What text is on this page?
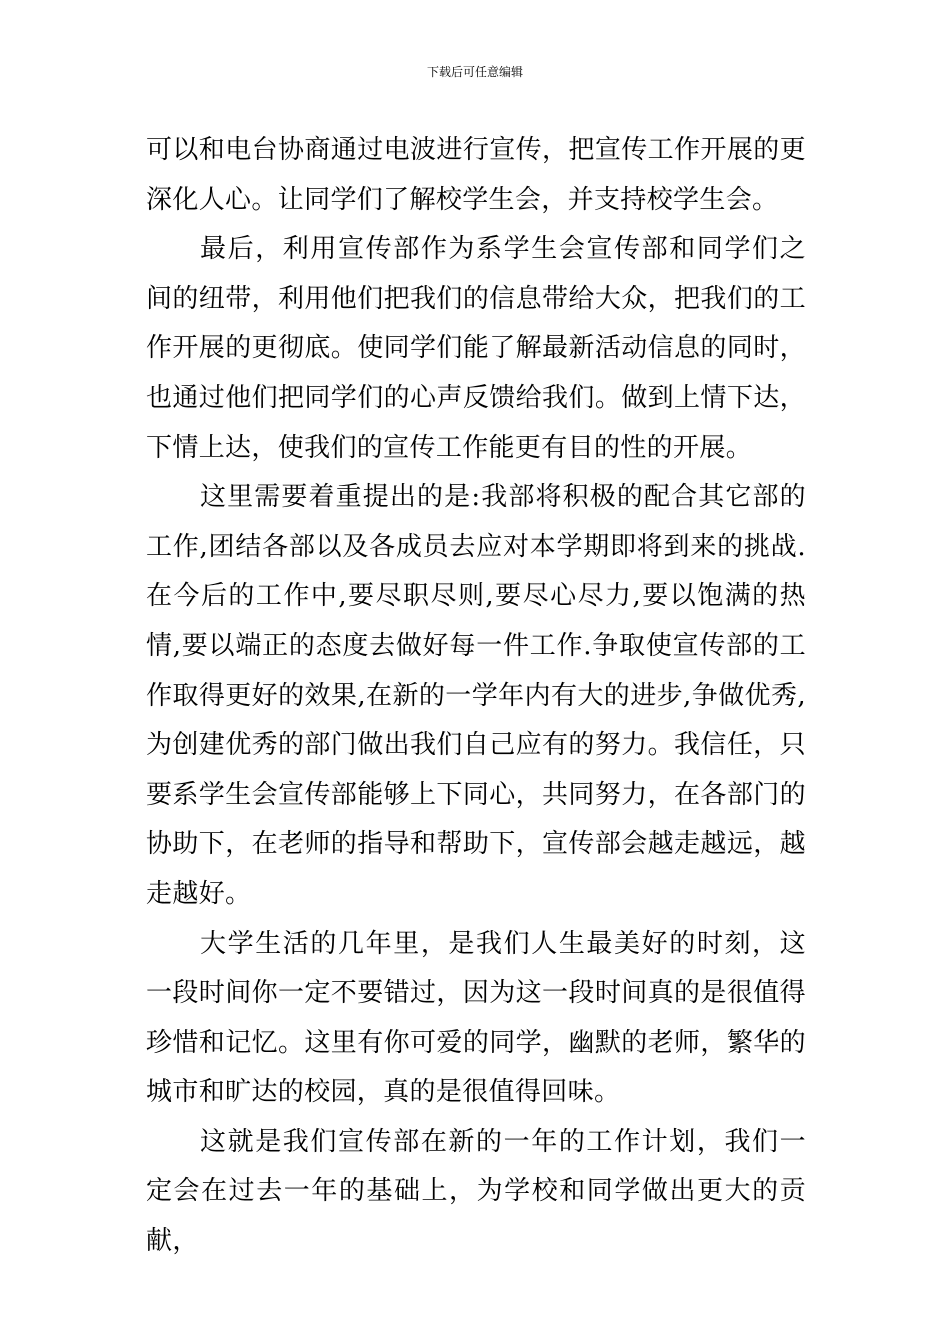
下载后可任意编辑

可以和电台协商通过电波进行宣传，把宣传工作开展的更深化人心。让同学们了解校学生会，并支持校学生会。

最后，利用宣传部作为系学生会宣传部和同学们之间的纽带，利用他们把我们的信息带给大众，把我们的工作开展的更彻底。使同学们能了解最新活动信息的同时，也通过他们把同学们的心声反馈给我们。做到上情下达，下情上达，使我们的宣传工作能更有目的性的开展。

这里需要着重提出的是:我部将积极的配合其它部的工作,团结各部以及各成员去应对本学期即将到来的挑战. 在今后的工作中,要尽职尽则,要尽心尽力,要以饱满的热情,要以端正的态度去做好每一件工作.争取使宣传部的工作取得更好的效果,在新的一学年内有大的进步,争做优秀,为创建优秀的部门做出我们自己应有的努力。我信任，只要系学生会宣传部能够上下同心，共同努力，在各部门的协助下，在老师的指导和帮助下，宣传部会越走越远，越走越好。

大学生活的几年里，是我们人生最美好的时刻，这一段时间你一定不要错过，因为这一段时间真的是很值得珍惜和记忆。这里有你可爱的同学，幽默的老师，繁华的城市和旷达的校园，真的是很值得回味。

这就是我们宣传部在新的一年的工作计划，我们一定会在过去一年的基础上，为学校和同学做出更大的贡献，
